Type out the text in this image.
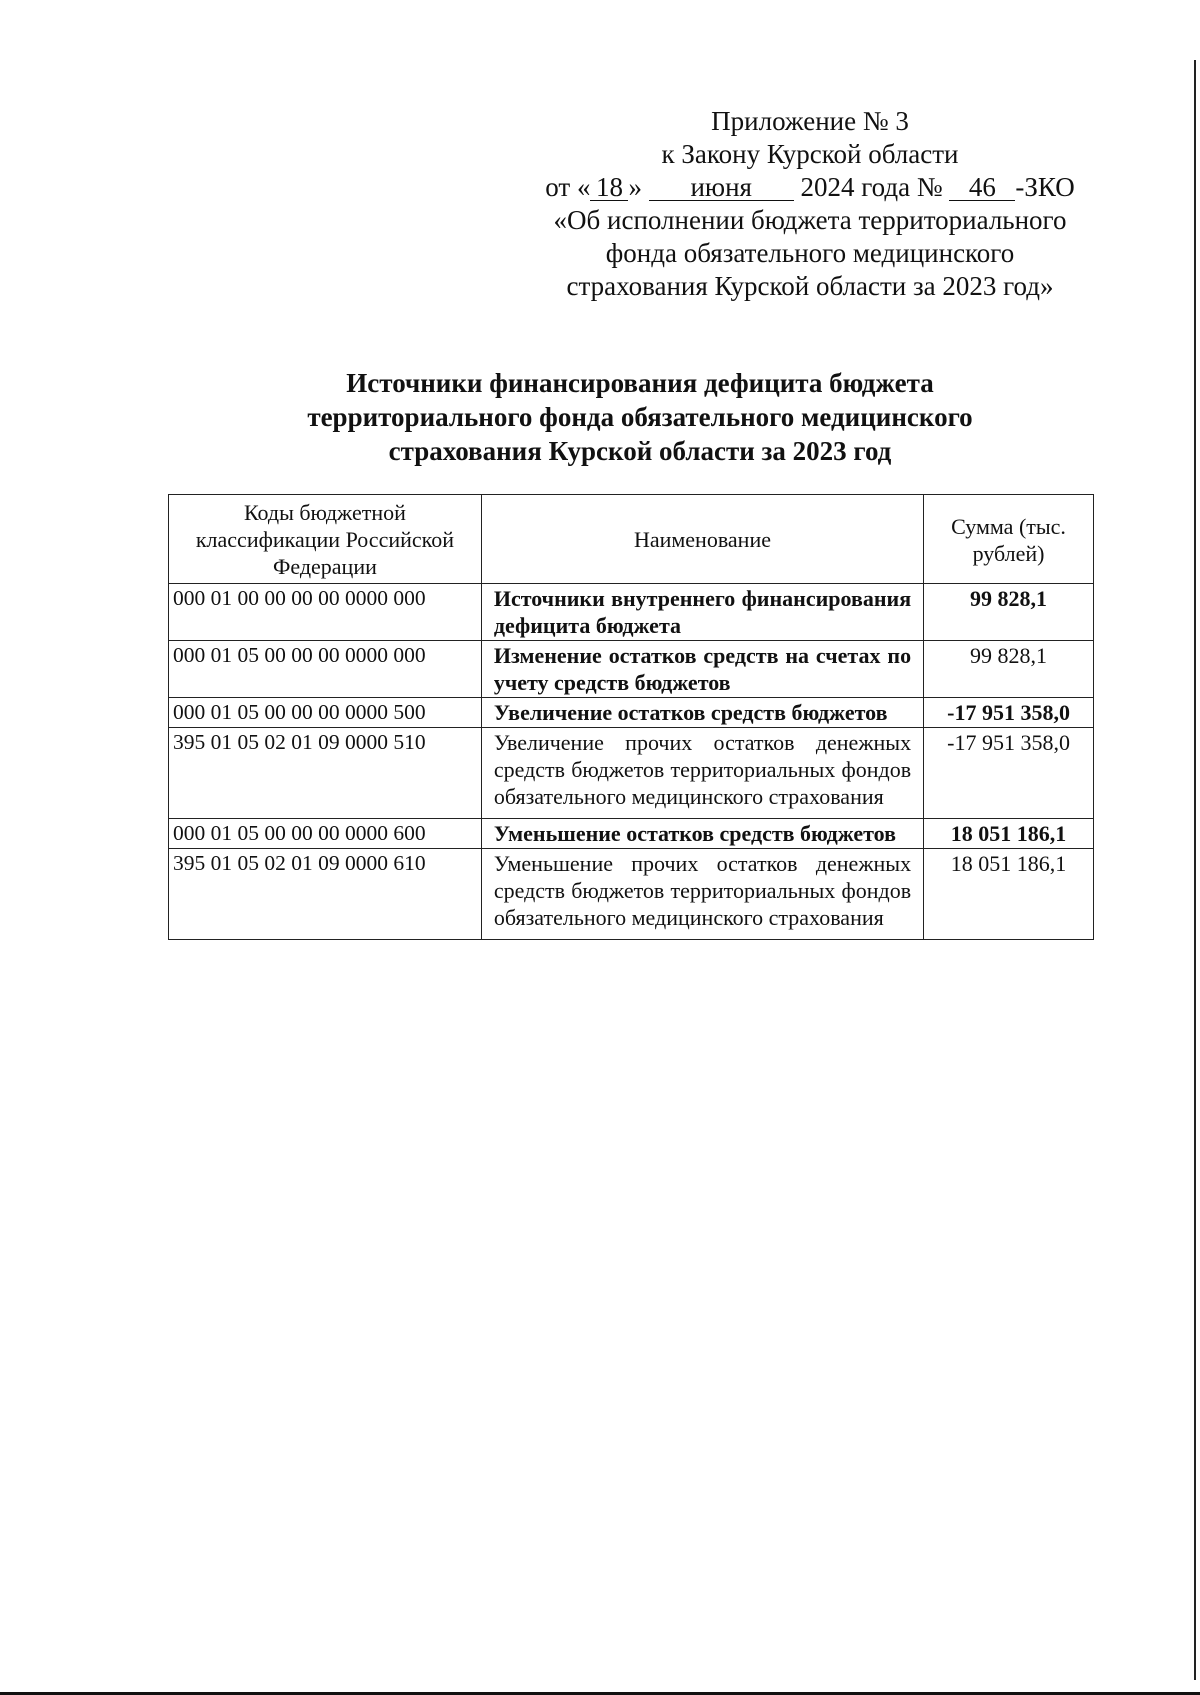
Приложение № 3
к Закону Курской области
от « 18 » июня 2024 года № 46 -ЗКО
«Об исполнении бюджета территориального
фонда обязательного медицинского
страхования Курской области за 2023 год»
Источники финансирования дефицита бюджета
территориального фонда обязательного медицинского
страхования Курской области за 2023 год
Коды бюджетной классификации Российской Федерации	Наименование	Сумма (тыс. рублей)
000 01 00 00 00 00 0000 000	Источники внутреннего финансирования дефицита бюджета	99 828,1
000 01 05 00 00 00 0000 000	Изменение остатков средств на счетах по учету средств бюджетов	99 828,1
000 01 05 00 00 00 0000 500	Увеличение остатков средств бюджетов	-17 951 358,0
395 01 05 02 01 09 0000 510	Увеличение прочих остатков денежных средств бюджетов территориальных фондов обязательного медицинского страхования	-17 951 358,0
000 01 05 00 00 00 0000 600	Уменьшение остатков средств бюджетов	18 051 186,1
395 01 05 02 01 09 0000 610	Уменьшение прочих остатков денежных средств бюджетов территориальных фондов обязательного медицинского страхования	18 051 186,1
